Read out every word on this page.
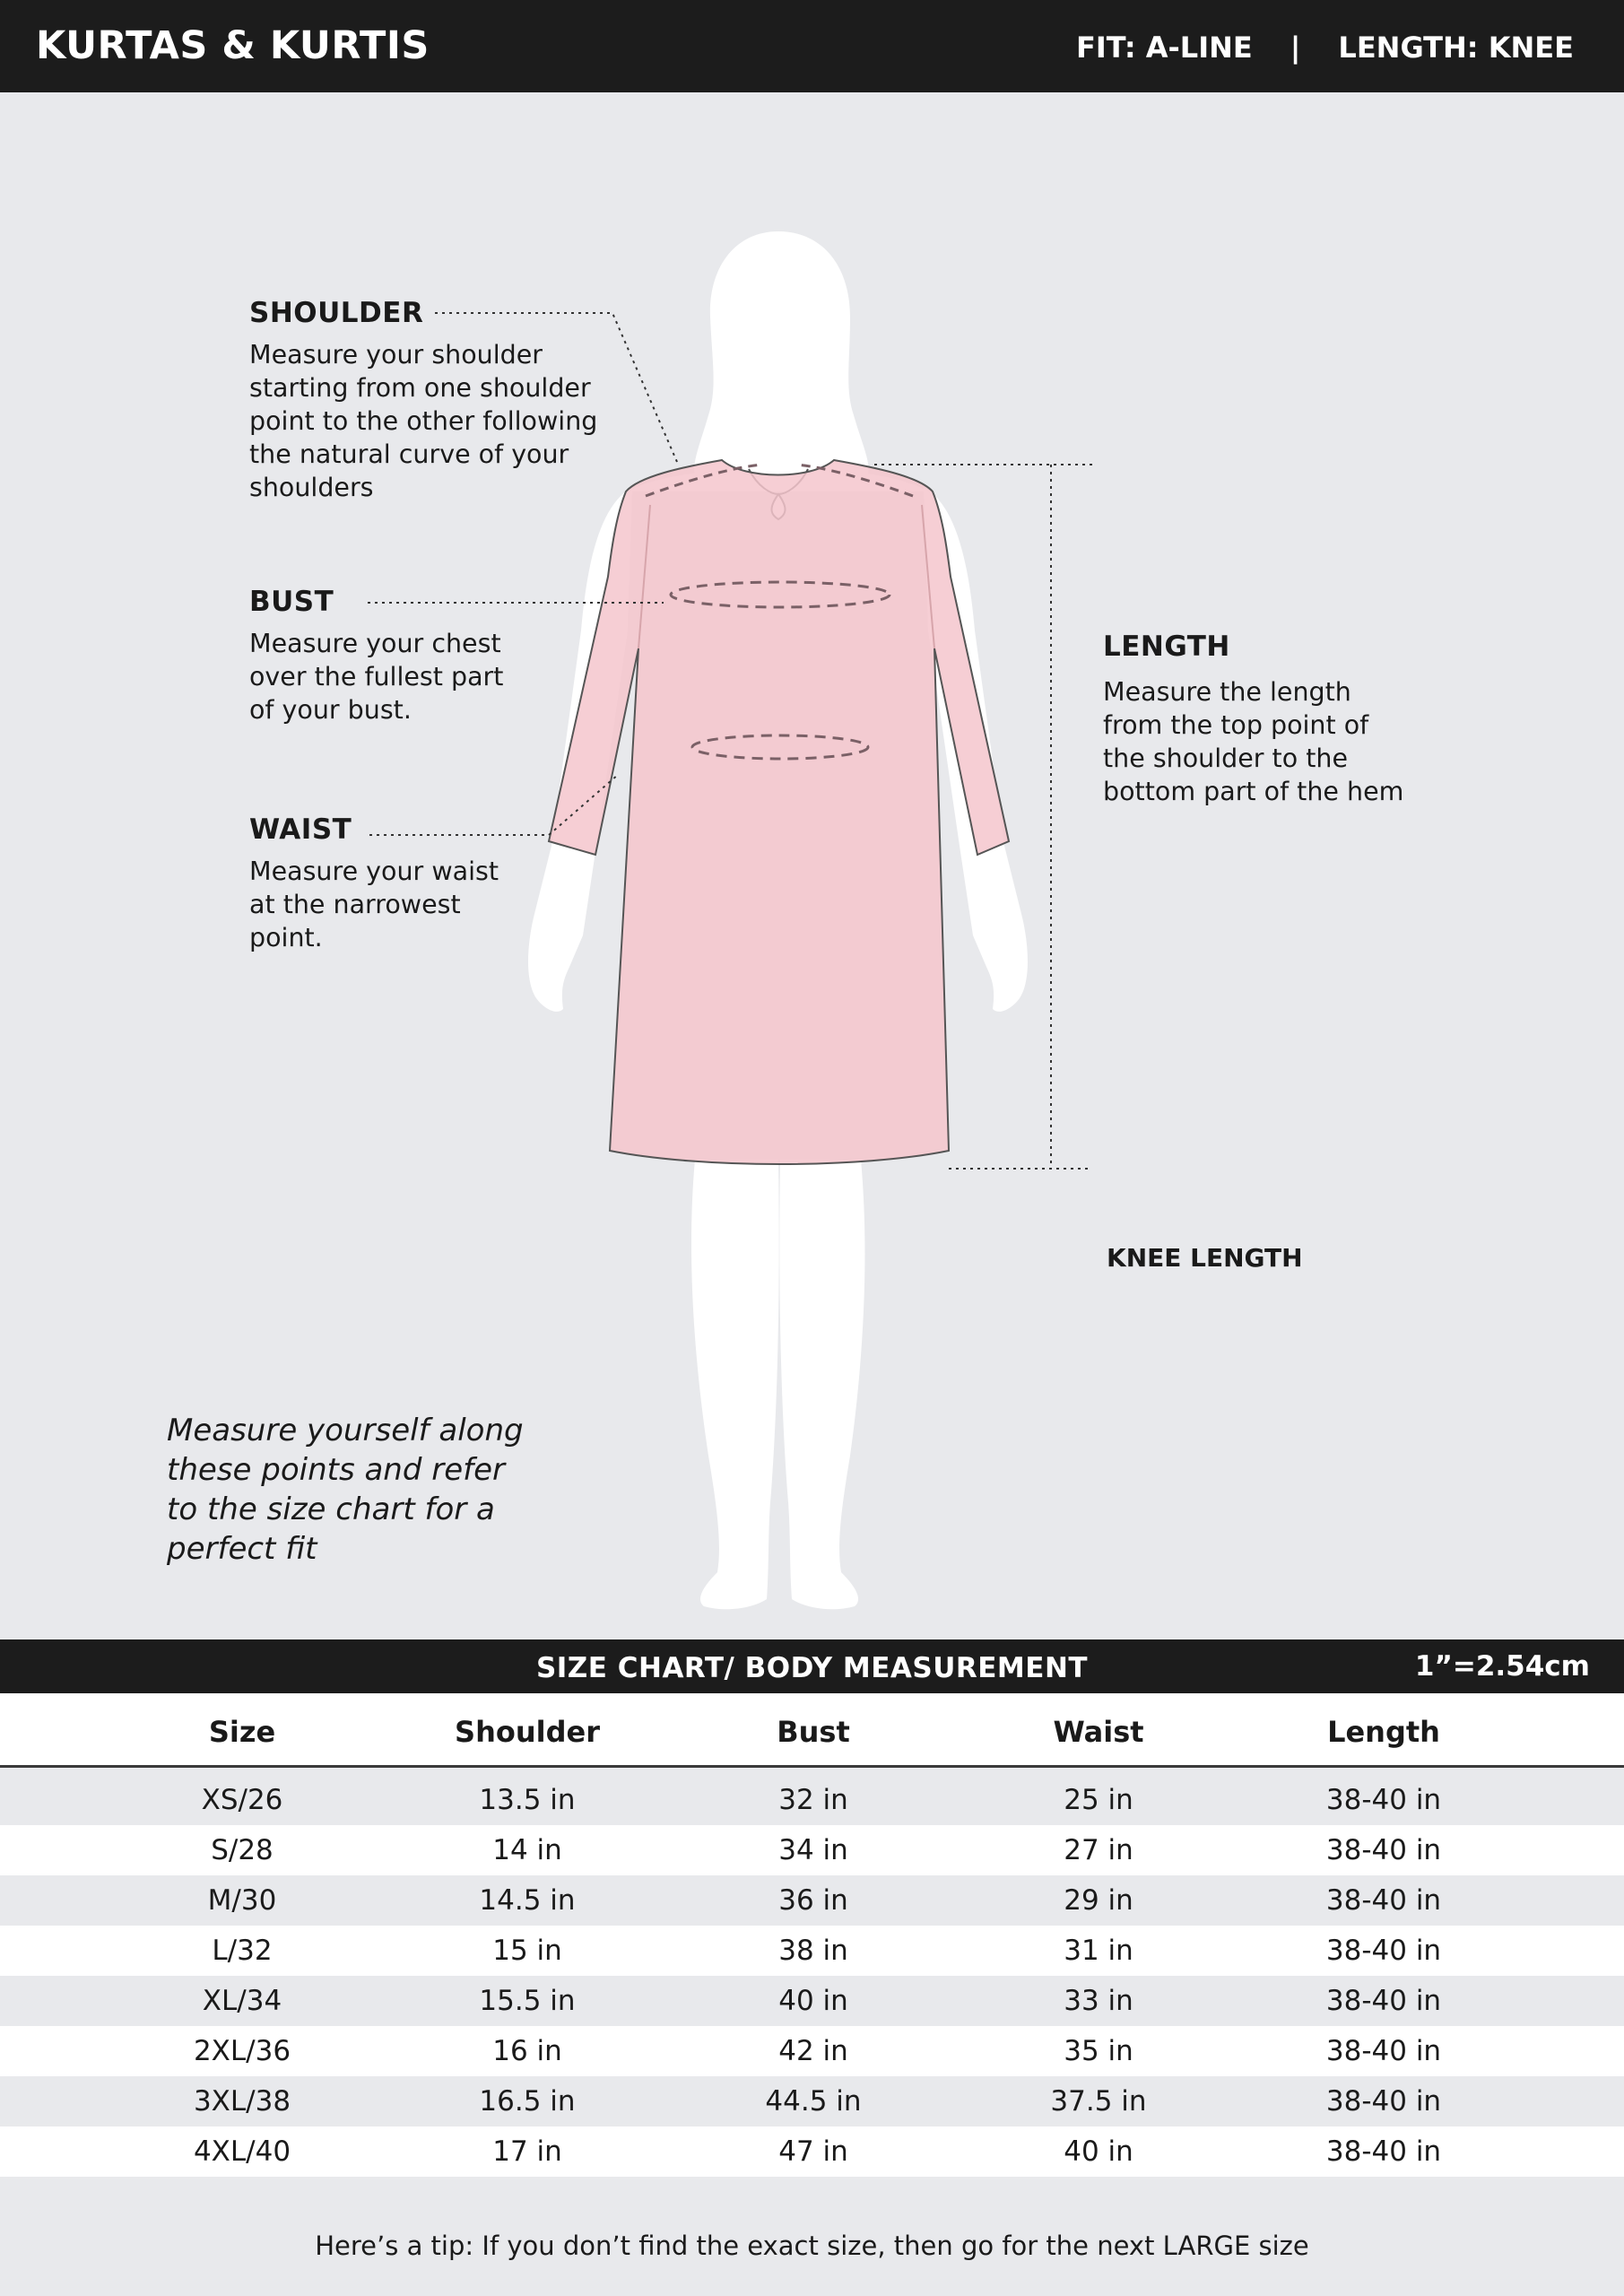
KURTAS & KURTIS	FIT: A-LINE | LENGTH: KNEE
SHOULDER
Measure your shoulder
starting from one shoulder
point to the other following
the natural curve of your
shoulders
BUST
Measure your chest
over the fullest part
of your bust.
WAIST
Measure your waist
at the narrowest
point.
LENGTH
Measure the length
from the top point of
the shoulder to the
bottom part of the hem
KNEE LENGTH
Measure yourself along
these points and refer
to the size chart for a
perfect fit
SIZE CHART/ BODY MEASUREMENT	1”=2.54cm
Size	Shoulder	Bust	Waist	Length
XS/26	13.5 in	32 in	25 in	38-40 in
S/28	14 in	34 in	27 in	38-40 in
M/30	14.5 in	36 in	29 in	38-40 in
L/32	15 in	38 in	31 in	38-40 in
XL/34	15.5 in	40 in	33 in	38-40 in
2XL/36	16 in	42 in	35 in	38-40 in
3XL/38	16.5 in	44.5 in	37.5 in	38-40 in
4XL/40	17 in	47 in	40 in	38-40 in
Here’s a tip: If you don’t find the exact size, then go for the next LARGE size
